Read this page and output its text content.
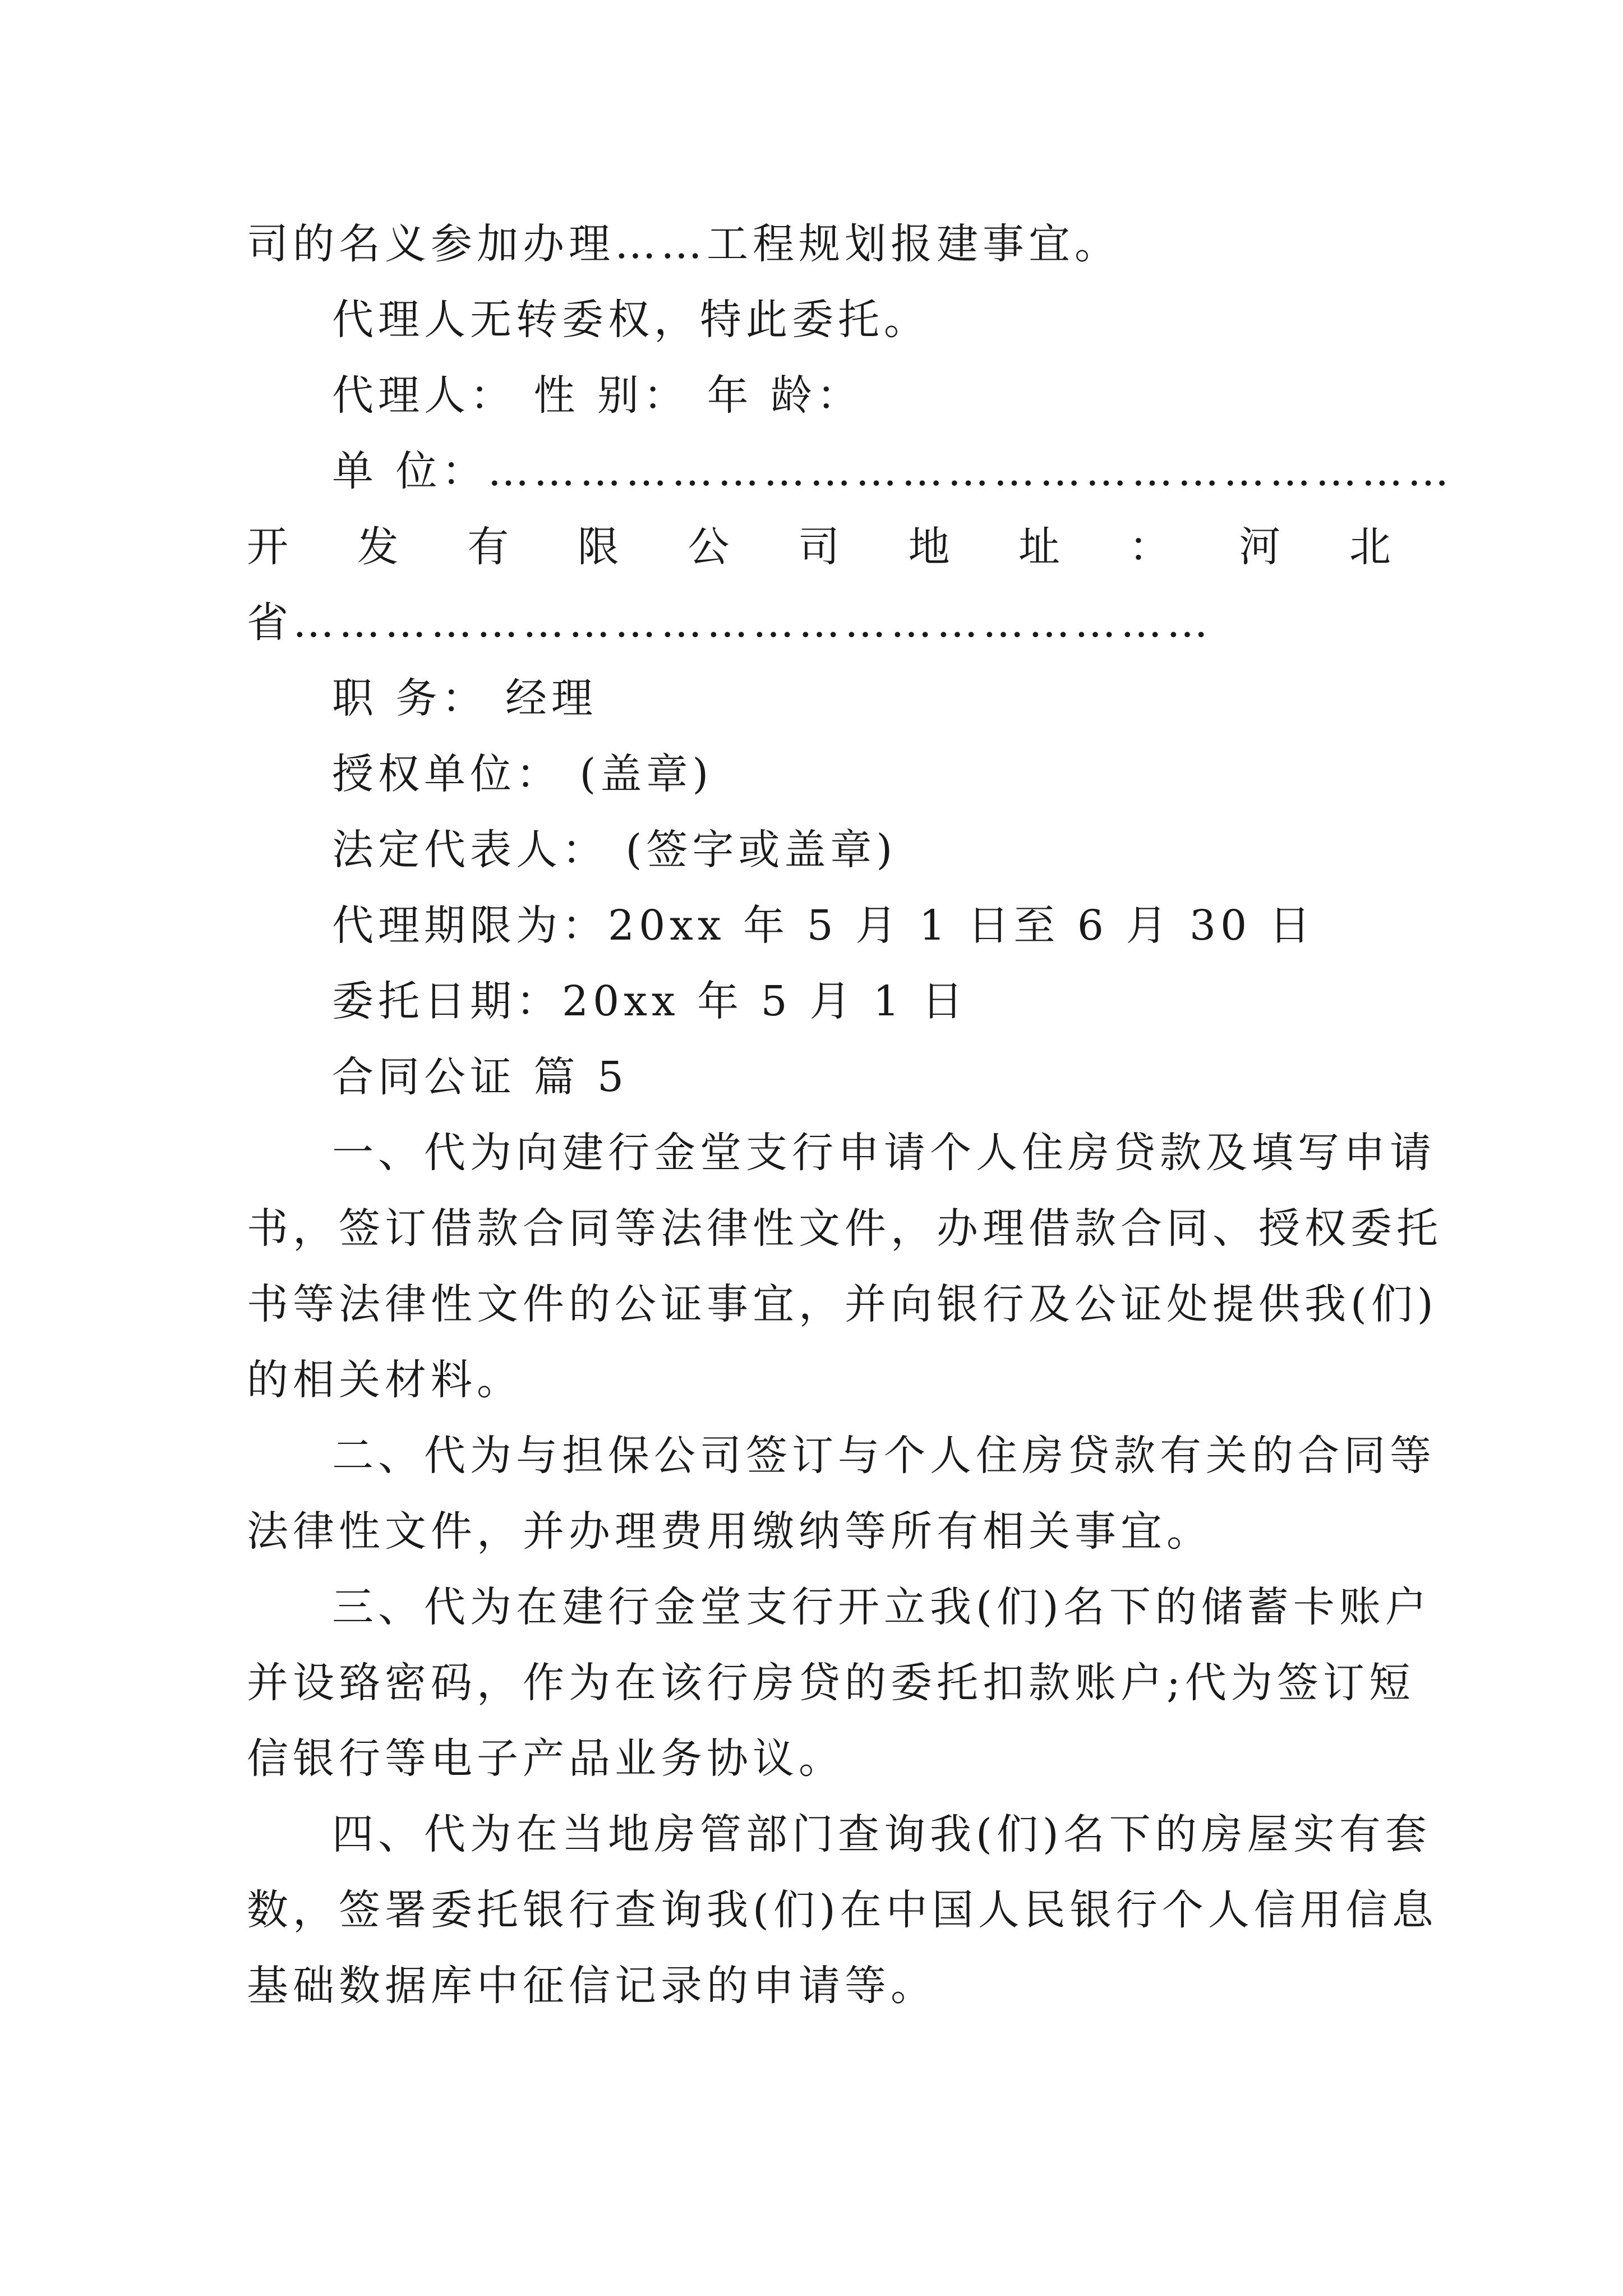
司的名义参加办理……工程规划报建事宜。
代理人无转委权，特此委托。
代理人： 性 别： 年 龄：
单 位：………………………………………………………
开 发 有 限 公 司 地 址 ： 河 北
省……………………………………………………
职 务： 经理
授权单位： (盖章)
法定代表人： (签字或盖章)
代理期限为：20xx 年 5 月 1 日至 6 月 30 日
委托日期：20xx 年 5 月 1 日
合同公证 篇 5
一、代为向建行金堂支行申请个人住房贷款及填写申请
书，签订借款合同等法律性文件，办理借款合同、授权委托
书等法律性文件的公证事宜，并向银行及公证处提供我(们)
的相关材料。
二、代为与担保公司签订与个人住房贷款有关的合同等
法律性文件，并办理费用缴纳等所有相关事宜。
三、代为在建行金堂支行开立我(们)名下的储蓄卡账户
并设臵密码，作为在该行房贷的委托扣款账户;代为签订短
信银行等电子产品业务协议。
四、代为在当地房管部门查询我(们)名下的房屋实有套
数，签署委托银行查询我(们)在中国人民银行个人信用信息
基础数据库中征信记录的申请等。
